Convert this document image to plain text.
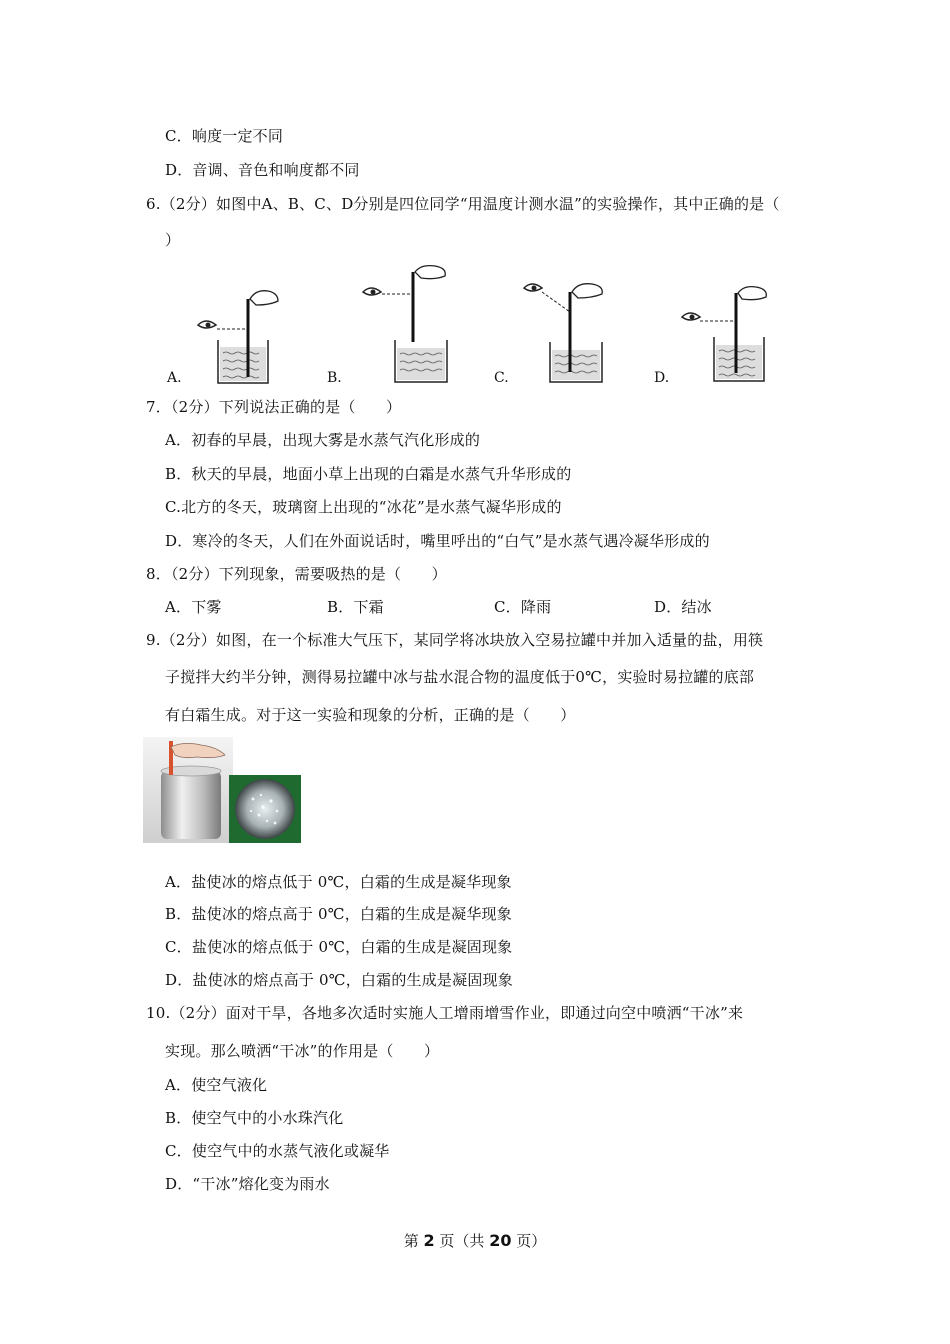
C．响度一定不同
D．音调、音色和响度都不同
6.（2分）如图中A、B、C、D分别是四位同学“用温度计测水温”的实验操作，其中正确的是（
）
A.	B.	C.	D.
7．（2分）下列说法正确的是（　　）
A．初春的早晨，出现大雾是水蒸气汽化形成的
B．秋天的早晨，地面小草上出现的白霜是水蒸气升华形成的
C.北方的冬天，玻璃窗上出现的“冰花”是水蒸气凝华形成的
D．寒冷的冬天，人们在外面说话时，嘴里呼出的“白气”是水蒸气遇冷凝华形成的
8．（2分）下列现象，需要吸热的是（　　）
A．下雾	B．下霜	C．降雨	D．结冰
9.（2分）如图，在一个标准大气压下，某同学将冰块放入空易拉罐中并加入适量的盐，用筷
子搅拌大约半分钟，测得易拉罐中冰与盐水混合物的温度低于0℃，实验时易拉罐的底部
有白霜生成。对于这一实验和现象的分析，正确的是（　　）
A．盐使冰的熔点低于 0℃，白霜的生成是凝华现象
B．盐使冰的熔点高于 0℃，白霜的生成是凝华现象
C．盐使冰的熔点低于 0℃，白霜的生成是凝固现象
D．盐使冰的熔点高于 0℃，白霜的生成是凝固现象
10.（2分）面对干旱，各地多次适时实施人工增雨增雪作业，即通过向空中喷洒“干冰”来
实现。那么喷洒“干冰”的作用是（　　）
A．使空气液化
B．使空气中的小水珠汽化
C．使空气中的水蒸气液化或凝华
D．“干冰”熔化变为雨水
第 2 页（共 20 页）
